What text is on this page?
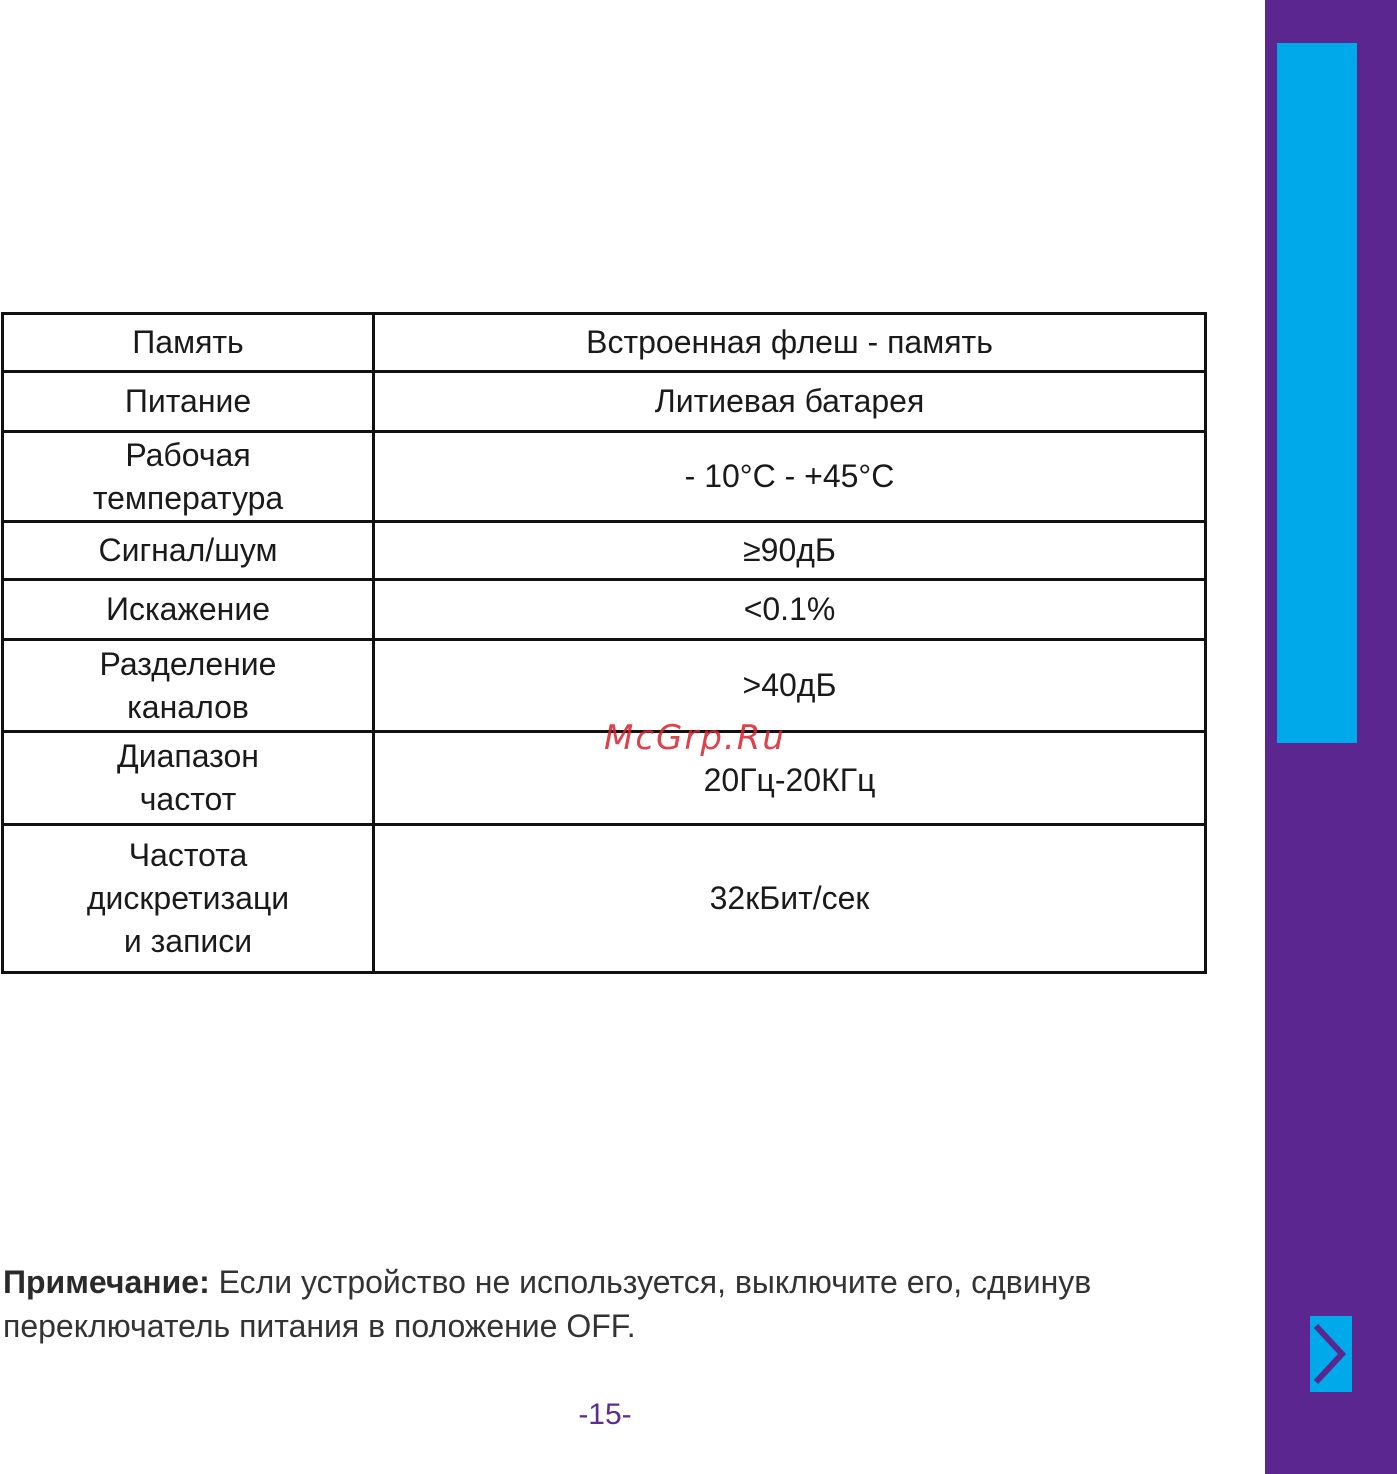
Память	Встроенная флеш - память
Питание	Литиевая батарея
Рабочая
температура	- 10°C - +45°C
Сигнал/шум	≥90дБ
Искажение	<0.1%
Разделение
каналов	>40дБ
Диапазон
частот	20Гц-20КГц
Частота
дискретизаци
и записи	32кБит/сек
McGrp.Ru
Примечание: Если устройство не используется, выключите его, сдвинув переключатель питания в положение OFF.
-15-
